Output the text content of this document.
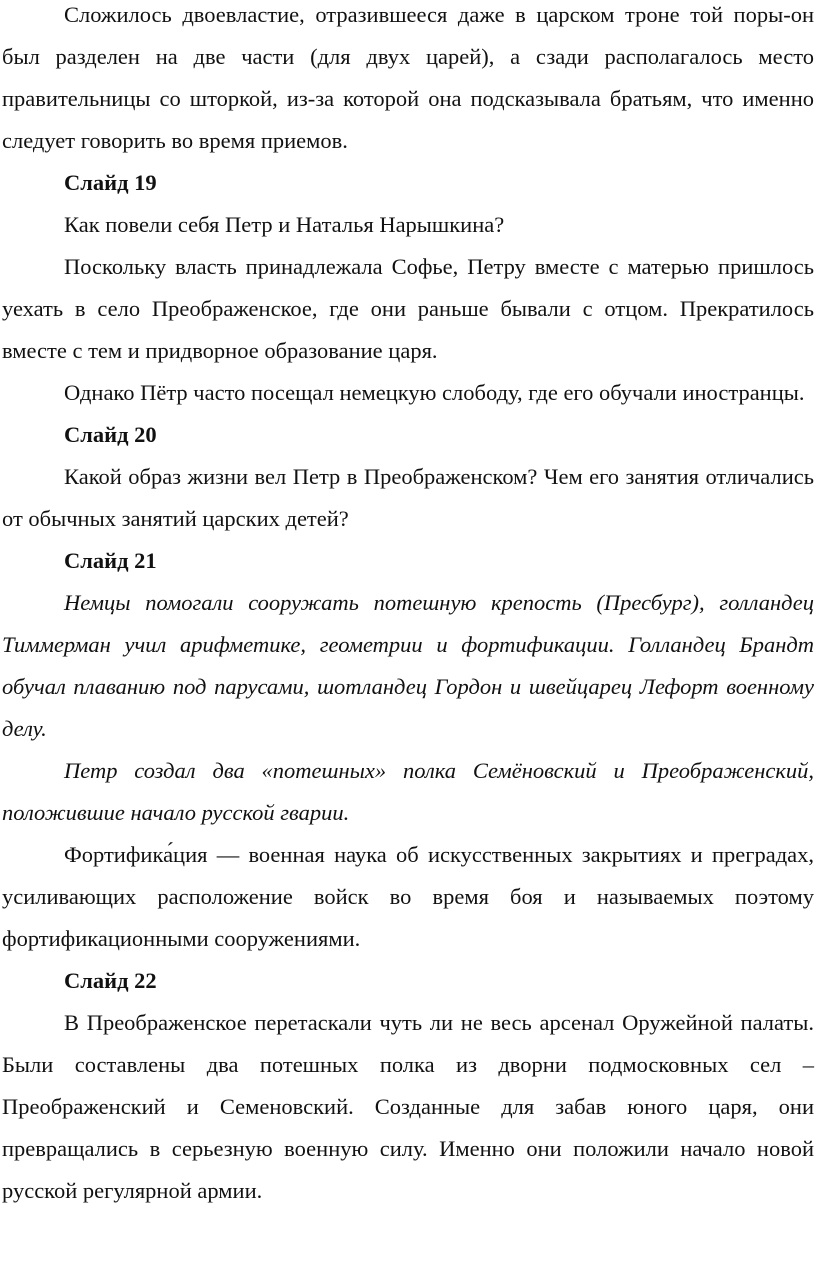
Сложилось двоевластие, отразившееся даже в царском троне той поры-он был разделен на две части (для двух царей), а сзади располагалось место правительницы со шторкой, из-за которой она подсказывала братьям, что именно следует говорить во время приемов.

Слайд 19

Как повели себя Петр и Наталья Нарышкина?

Поскольку власть принадлежала Софье, Петру вместе с матерью пришлось уехать в село Преображенское, где они раньше бывали с отцом. Прекратилось вместе с тем и придворное образование царя.

Однако Пётр часто посещал немецкую слободу, где его обучали иностранцы.

Слайд 20

Какой образ жизни вел Петр в Преображенском? Чем его занятия отличались от обычных занятий царских детей?

Слайд 21

Немцы помогали сооружать потешную крепость (Пресбург), голландец Тиммерман учил арифметике, геометрии и фортификации. Голландец Брандт обучал плаванию под парусами, шотландец Гордон и швейцарец Лефорт военному делу.

Петр создал два «потешных» полка Семёновский и Преображенский, положившие начало русской гварии.

Фортифика́ция — военная наука об искусственных закрытиях и преградах, усиливающих расположение войск во время боя и называемых поэтому фортификационными сооружениями.

Слайд 22

В Преображенское перетаскали чуть ли не весь арсенал Оружейной палаты. Были составлены два потешных полка из дворни подмосковных сел – Преображенский и Семеновский. Созданные для забав юного царя, они превращались в серьезную военную силу. Именно они положили начало новой русской регулярной армии.
